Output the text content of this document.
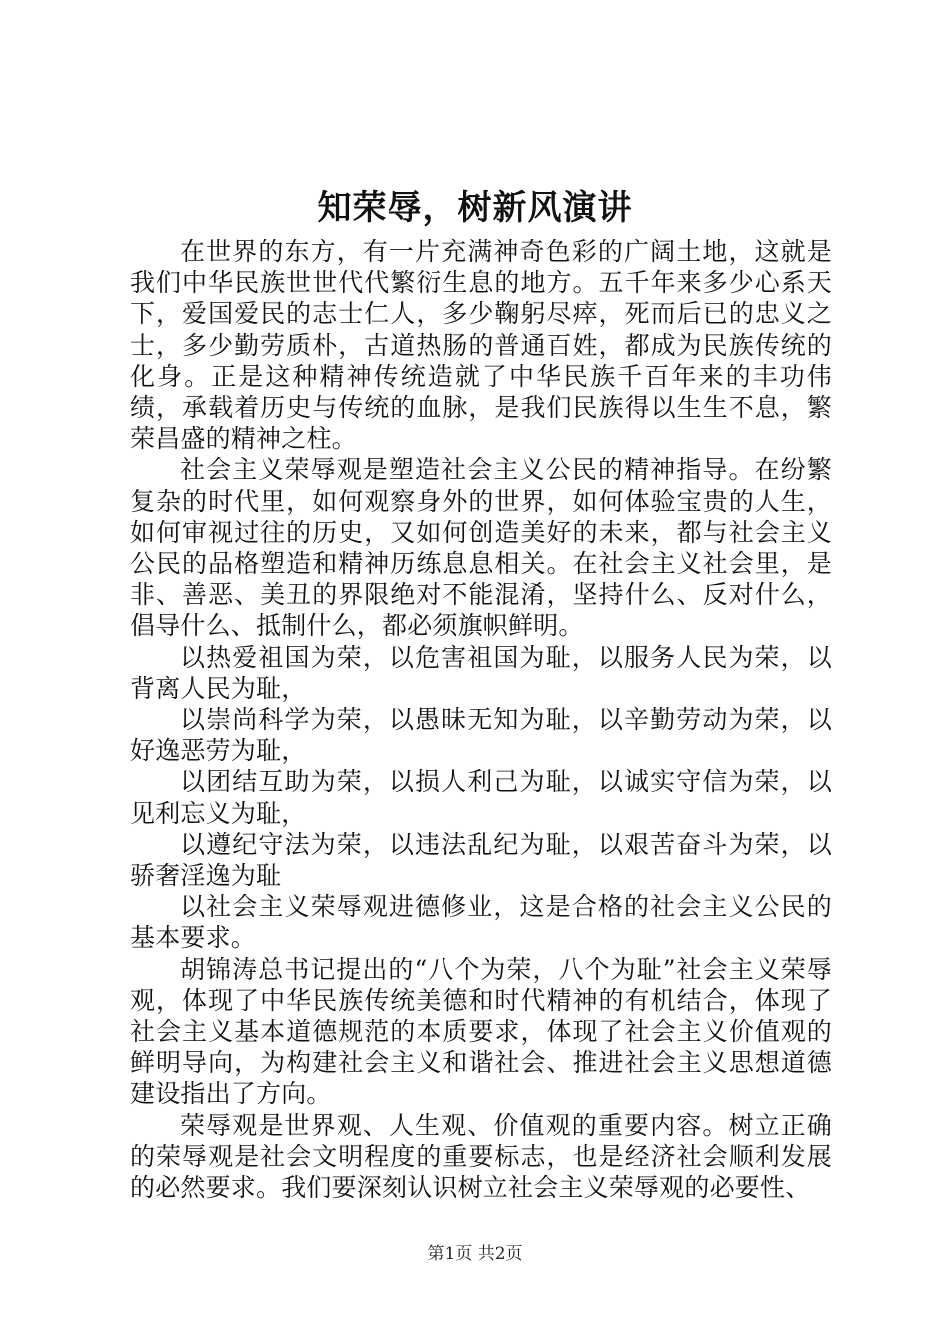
知荣辱，树新风演讲

在世界的东方，有一片充满神奇色彩的广阔土地，这就是我们中华民族世世代代繁衍生息的地方。五千年来多少心系天下，爱国爱民的志士仁人，多少鞠躬尽瘁，死而后已的忠义之士，多少勤劳质朴，古道热肠的普通百姓，都成为民族传统的化身。正是这种精神传统造就了中华民族千百年来的丰功伟绩，承载着历史与传统的血脉，是我们民族得以生生不息，繁荣昌盛的精神之柱。

社会主义荣辱观是塑造社会主义公民的精神指导。在纷繁复杂的时代里，如何观察身外的世界，如何体验宝贵的人生，如何审视过往的历史，又如何创造美好的未来，都与社会主义公民的品格塑造和精神历练息息相关。在社会主义社会里，是非、善恶、美丑的界限绝对不能混淆，坚持什么、反对什么，倡导什么、抵制什么，都必须旗帜鲜明。

以热爱祖国为荣，以危害祖国为耻，以服务人民为荣，以背离人民为耻，

以崇尚科学为荣，以愚昧无知为耻，以辛勤劳动为荣，以好逸恶劳为耻，

以团结互助为荣，以损人利己为耻，以诚实守信为荣，以见利忘义为耻，

以遵纪守法为荣，以违法乱纪为耻，以艰苦奋斗为荣，以骄奢淫逸为耻

以社会主义荣辱观进德修业，这是合格的社会主义公民的基本要求。

胡锦涛总书记提出的“八个为荣，八个为耻”社会主义荣辱观，体现了中华民族传统美德和时代精神的有机结合，体现了社会主义基本道德规范的本质要求，体现了社会主义价值观的鲜明导向，为构建社会主义和谐社会、推进社会主义思想道德建设指出了方向。

荣辱观是世界观、人生观、价值观的重要内容。树立正确的荣辱观是社会文明程度的重要标志，也是经济社会顺利发展的必然要求。我们要深刻认识树立社会主义荣辱观的必要性、

第1页 共2页
